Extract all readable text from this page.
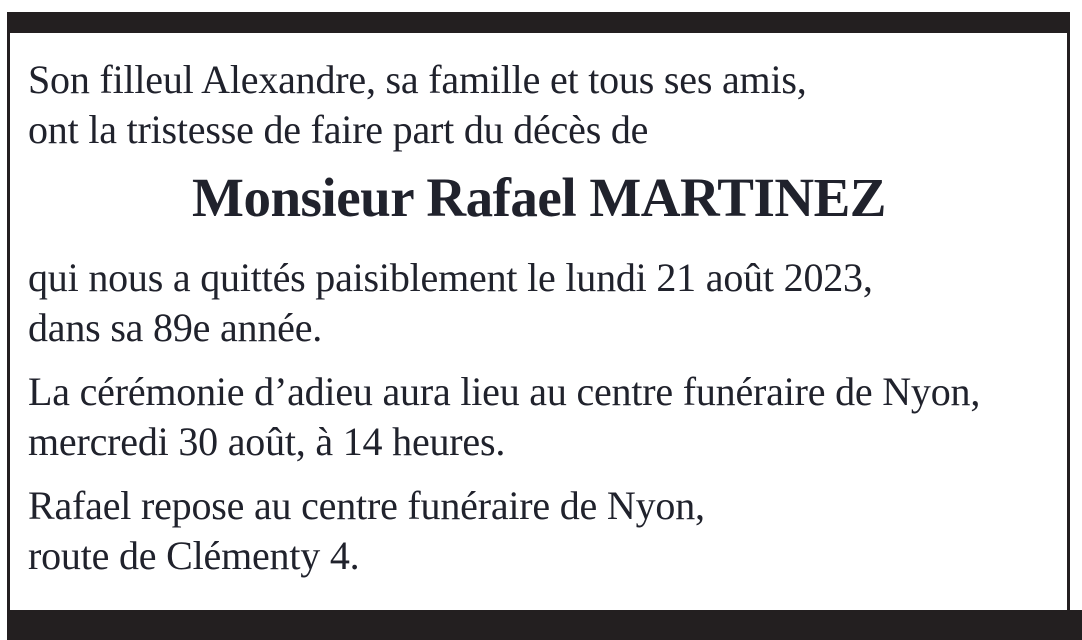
Son filleul Alexandre, sa famille et tous ses amis,
ont la tristesse de faire part du décès de

Monsieur Rafael MARTINEZ

qui nous a quittés paisiblement le lundi 21 août 2023,
dans sa 89e année.

La cérémonie d’adieu aura lieu au centre funéraire de Nyon,
mercredi 30 août, à 14 heures.

Rafael repose au centre funéraire de Nyon,
route de Clémenty 4.
